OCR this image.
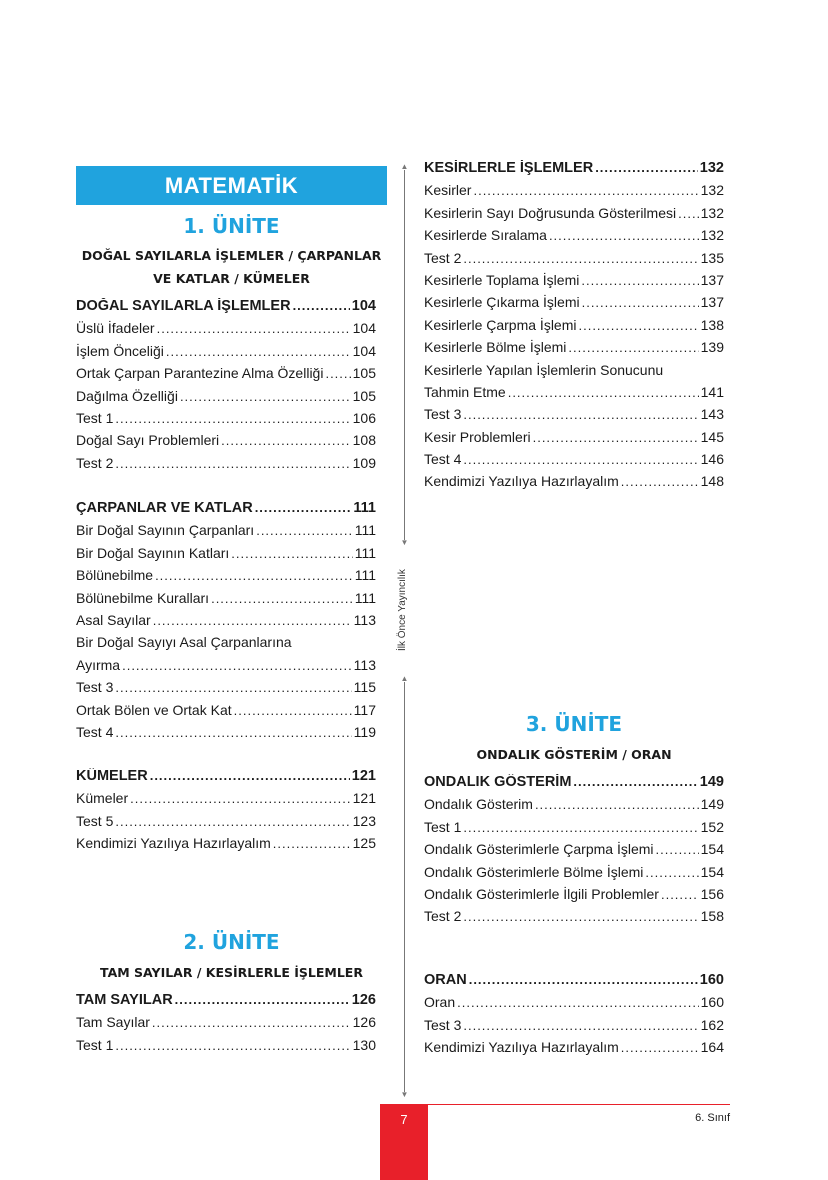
MATEMATİK
1. ÜNİTE
DOĞAL SAYILARLA İŞLEMLER / ÇARPANLAR
VE KATLAR / KÜMELER
DOĞAL SAYILARLA İŞLEMLER .....	104
Üslü İfadeler .....	104
İşlem Önceliği .....	104
Ortak Çarpan Parantezine Alma Özelliği ..... 105
Dağılma Özelliği .....	105
Test 1 .....	106
Doğal Sayı Problemleri .....	108
Test 2 .....	109
ÇARPANLAR VE KATLAR .....	111
Bir Doğal Sayının Çarpanları .....	111
Bir Doğal Sayının Katları .....	111
Bölünebilme .....	111
Bölünebilme Kuralları .....	111
Asal Sayılar .....	113
Bir Doğal Sayıyı Asal Çarpanlarına
Ayırma .....	113
Test 3 .....	115
Ortak Bölen ve Ortak Kat .....	117
Test 4 .....	119
KÜMELER .....	121
Kümeler .....	121
Test 5 .....	123
Kendimizi Yazılıya Hazırlayalım .....	125
2. ÜNİTE
TAM SAYILAR / KESİRLERLE İŞLEMLER
TAM SAYILAR .....	126
Tam Sayılar .....	126
Test 1 .....	130
KESİRLERLE İŞLEMLER .....	132
Kesirler .....	132
Kesirlerin Sayı Doğrusunda Gösterilmesi ..... 132
Kesirlerde Sıralama .....	132
Test 2 .....	135
Kesirlerle Toplama İşlemi .....	137
Kesirlerle Çıkarma İşlemi .....	137
Kesirlerle Çarpma İşlemi .....	138
Kesirlerle Bölme İşlemi .....	139
Kesirlerle Yapılan İşlemlerin Sonucunu
Tahmin Etme .....	141
Test 3 .....	143
Kesir Problemleri .....	145
Test 4 .....	146
Kendimizi Yazılıya Hazırlayalım .....	148
3. ÜNİTE
ONDALIK GÖSTERİM / ORAN
ONDALIK GÖSTERİM .....	149
Ondalık Gösterim .....	149
Test 1 .....	152
Ondalık Gösterimlerle Çarpma İşlemi .....	154
Ondalık Gösterimlerle Bölme İşlemi .....	154
Ondalık Gösterimlerle İlgili Problemler .....	156
Test 2 .....	158
ORAN .....	160
Oran .....	160
Test 3 .....	162
Kendimizi Yazılıya Hazırlayalım .....	164
▲
▼
İlk Önce Yayıncılık
▲
▼
7	6. Sınıf
